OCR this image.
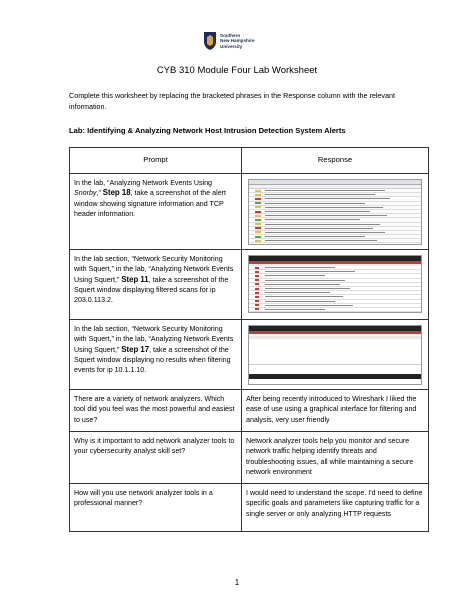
Southern
New Hampshire
University
CYB 310 Module Four Lab Worksheet
Complete this worksheet by replacing the bracketed phrases in the Response column with the relevant information.
Lab: Identifying & Analyzing Network Host Intrusion Detection System Alerts
Prompt	Response
In the lab, “Analyzing Network Events Using Snorby,” Step 18, take a screenshot of the alert window showing signature information and TCP header information.	

In the lab section, “Network Security Monitoring with Squert,” in the lab, “Analyzing Network Events Using Squert,” Step 11, take a screenshot of the Squert window displaying filtered scans for ip 203.0.113.2.	

In the lab section, “Network Security Monitoring with Squert,” in the lab, “Analyzing Network Events Using Squert,” Step 17, take a screenshot of the Squert window displaying no results when filtering events for ip 10.1.1.10.	

There are a variety of network analyzers. Which tool did you feel was the most powerful and easiest to use?	After being recently introduced to Wireshark I liked the ease of use using a graphical interface for filtering and analysis, very user friendly
Why is it important to add network analyzer tools to your cybersecurity analyst skill set?	Network analyzer tools help you monitor and secure network traffic helping identify threats and troubleshooting issues, all while maintaining a secure network environment
How will you use network analyzer tools in a professional manner?	I would need to understand the scope. I'd need to define specific goals and parameters like capturing traffic for a single server or only analyzing HTTP requests
1
